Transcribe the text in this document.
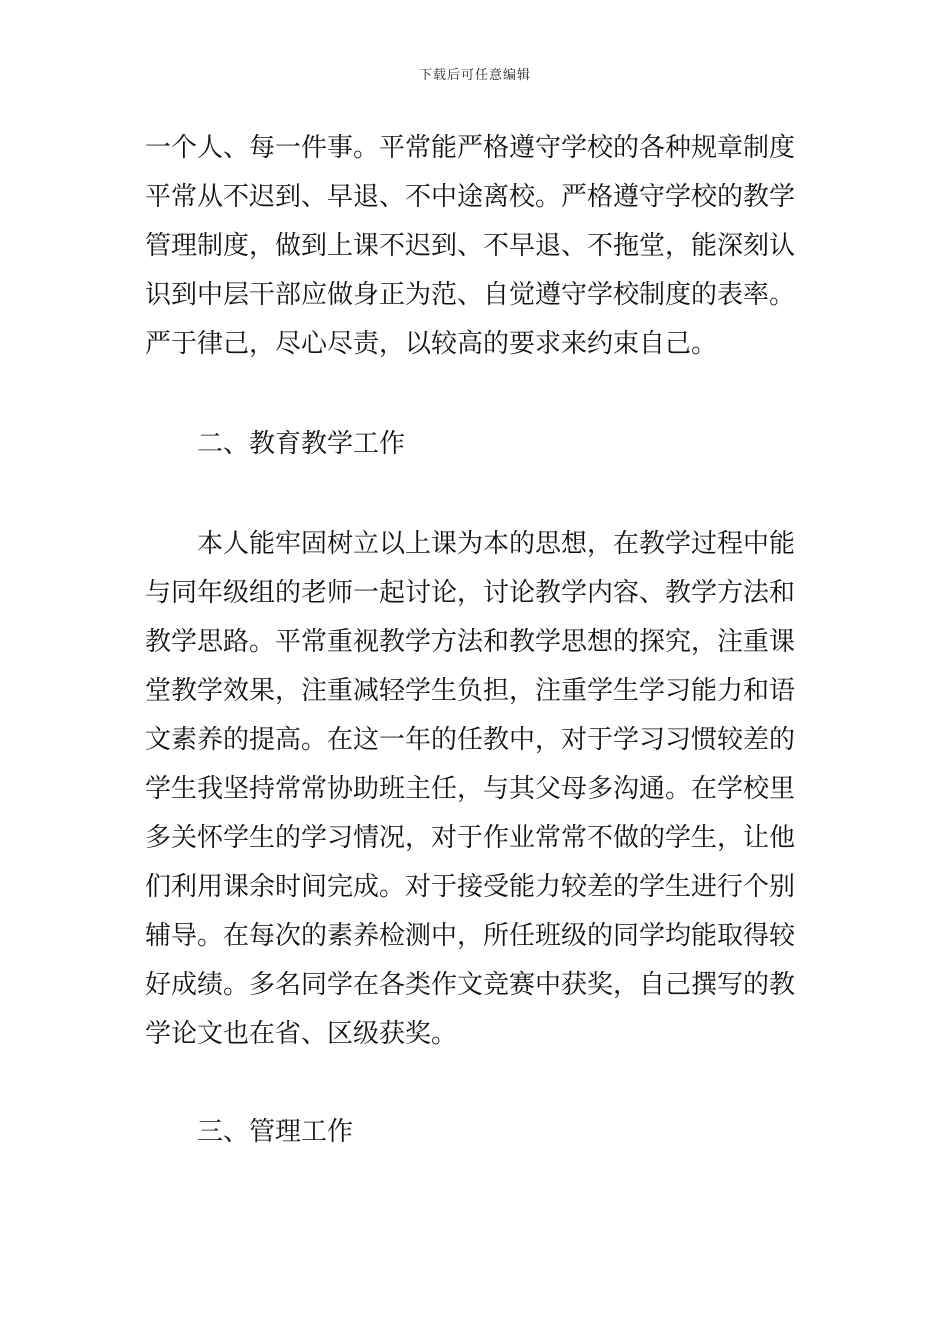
下载后可任意编辑
一个人、每一件事。平常能严格遵守学校的各种规章制度
平常从不迟到、早退、不中途离校。严格遵守学校的教学
管理制度，做到上课不迟到、不早退、不拖堂，能深刻认
识到中层干部应做身正为范、自觉遵守学校制度的表率。
严于律己，尽心尽责，以较高的要求来约束自己。
二、教育教学工作
本人能牢固树立以上课为本的思想，在教学过程中能
与同年级组的老师一起讨论，讨论教学内容、教学方法和
教学思路。平常重视教学方法和教学思想的探究，注重课
堂教学效果，注重减轻学生负担，注重学生学习能力和语
文素养的提高。在这一年的任教中，对于学习习惯较差的
学生我坚持常常协助班主任，与其父母多沟通。在学校里
多关怀学生的学习情况，对于作业常常不做的学生，让他
们利用课余时间完成。对于接受能力较差的学生进行个别
辅导。在每次的素养检测中，所任班级的同学均能取得较
好成绩。多名同学在各类作文竞赛中获奖，自己撰写的教
学论文也在省、区级获奖。
三、管理工作
